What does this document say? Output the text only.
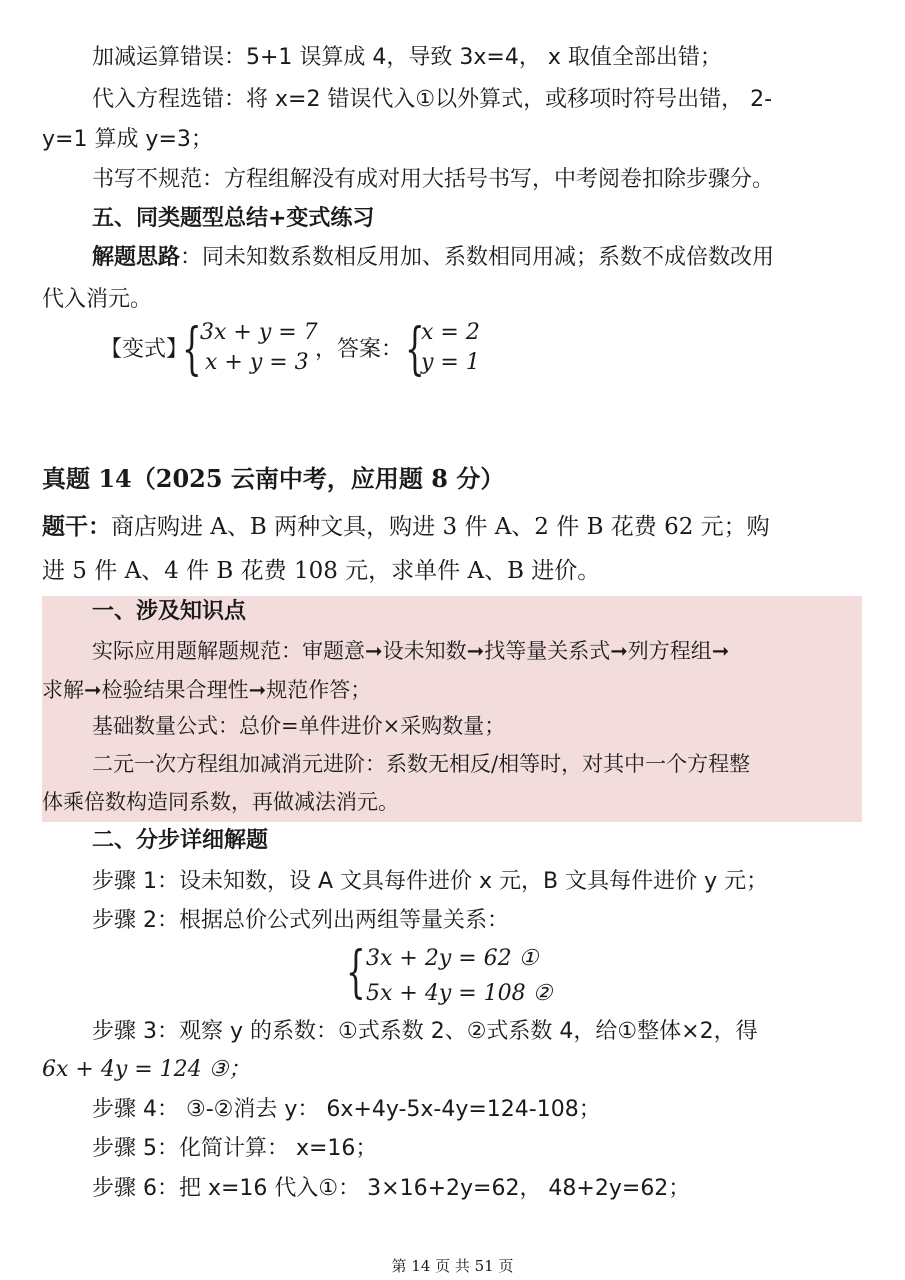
加减运算错误：5+1 误算成 4，导致 3x=4， x 取值全部出错；
代入方程选错：将 x=2 错误代入①以外算式，或移项时符号出错， 2-
y=1 算成 y=3；
书写不规范：方程组解没有成对用大括号书写，中考阅卷扣除步骤分。
五、同类题型总结+变式练习
解题思路：同未知数系数相反用加、系数相同用减；系数不成倍数改用
代入消元。
【变式】
{
3x + y = 7
x + y = 3
，答案： {
x = 2
y = 1
真题 14（2025 云南中考，应用题 8 分）
题干：商店购进 A、B 两种文具，购进 3 件 A、2 件 B 花费 62 元；购
进 5 件 A、4 件 B 花费 108 元，求单件 A、B 进价。
一、涉及知识点
实际应用题解题规范：审题意➞设未知数➞找等量关系式➞列方程组➞
求解➞检验结果合理性➞规范作答；
基础数量公式：总价=单件进价×采购数量；
二元一次方程组加减消元进阶：系数无相反/相等时，对其中一个方程整
体乘倍数构造同系数，再做减法消元。
二、分步详细解题
步骤 1：设未知数，设 A 文具每件进价 x 元，B 文具每件进价 y 元；
步骤 2：根据总价公式列出两组等量关系：
{ 3x + 2y = 62 ①
5x + 4y = 108 ②
步骤 3：观察 y 的系数：①式系数 2、②式系数 4，给①整体×2，得
6x + 4y = 124 ③；
步骤 4： ③-②消去 y： 6x+4y-5x-4y=124-108；
步骤 5：化简计算： x=16；
步骤 6：把 x=16 代入①： 3×16+2y=62， 48+2y=62；
第 14 页 共 51 页
